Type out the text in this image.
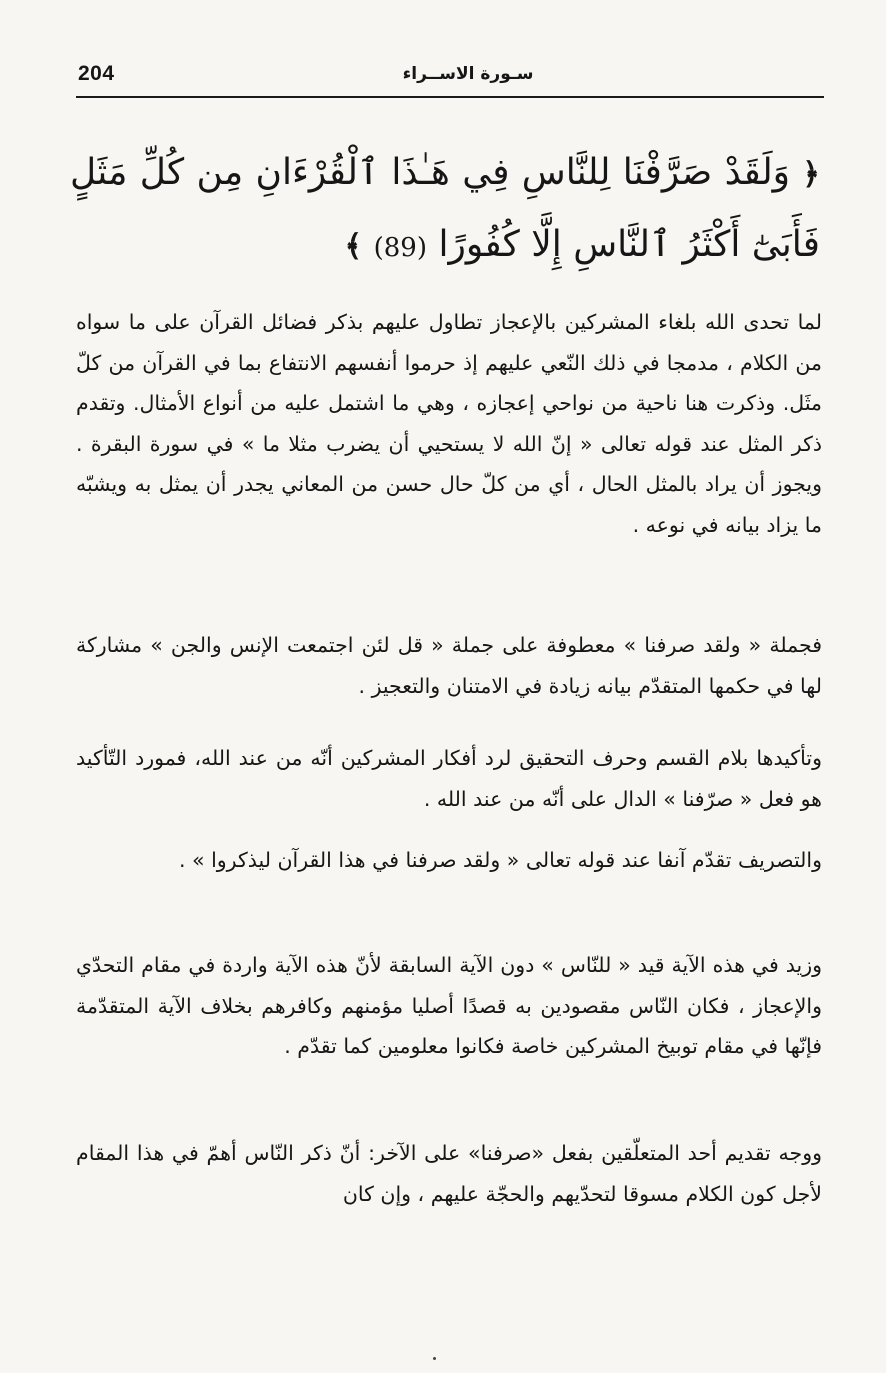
204	سـورة الاســراء
﴿ وَلَقَدْ صَرَّفْنَا لِلنَّاسِ فِي هَـٰذَا ٱلْقُرْءَانِ مِن كُلِّ مَثَلٍ فَأَبَىٰٓ أَكْثَرُ ٱلنَّاسِ إِلَّا كُفُورًا (89) ﴾

لما تحدى الله بلغاء المشركين بالإعجاز تطاول عليهم بذكر فضائل القرآن على ما سواه من الكلام ، مدمجا في ذلك النّعي عليهم إذ حرموا أنفسهم الانتفاع بما في القرآن من كلّ مثَل. وذكرت هنا ناحية من نواحي إعجازه ، وهي ما اشتمل عليه من أنواع الأمثال. وتقدم ذكر المثل عند قوله تعالى « إنّ الله لا يستحيي أن يضرب مثلا ما » في سورة البقرة . ويجوز أن يراد بالمثل الحال ، أي من كلّ حال حسن من المعاني يجدر أن يمثل به ويشبّه ما يزاد بيانه في نوعه .

فجملة « ولقد صرفنا » معطوفة على جملة « قل لئن اجتمعت الإنس والجن » مشاركة لها في حكمها المتقدّم بيانه زيادة في الامتنان والتعجيز .

وتأكيدها بلام القسم وحرف التحقيق لرد أفكار المشركين أنّه من عند الله، فمورد التّأكيد هو فعل « صرّفنا » الدال على أنّه من عند الله .

والتصريف تقدّم آنفا عند قوله تعالى « ولقد صرفنا في هذا القرآن ليذكروا » .

وزيد في هذه الآية قيد « للنّاس » دون الآية السابقة لأنّ هذه الآية واردة في مقام التحدّي والإعجاز ، فكان النّاس مقصودين به قصدًا أصليا مؤمنهم وكافرهم بخلاف الآية المتقدّمة فإنّها في مقام توبيخ المشركين خاصة فكانوا معلومين كما تقدّم .

ووجه تقديم أحد المتعلّقين بفعل «صرفنا» على الآخر: أنّ ذكر النّاس أهمّ في هذا المقام لأجل كون الكلام مسوقا لتحدّيهم والحجّة عليهم ، وإن كان
